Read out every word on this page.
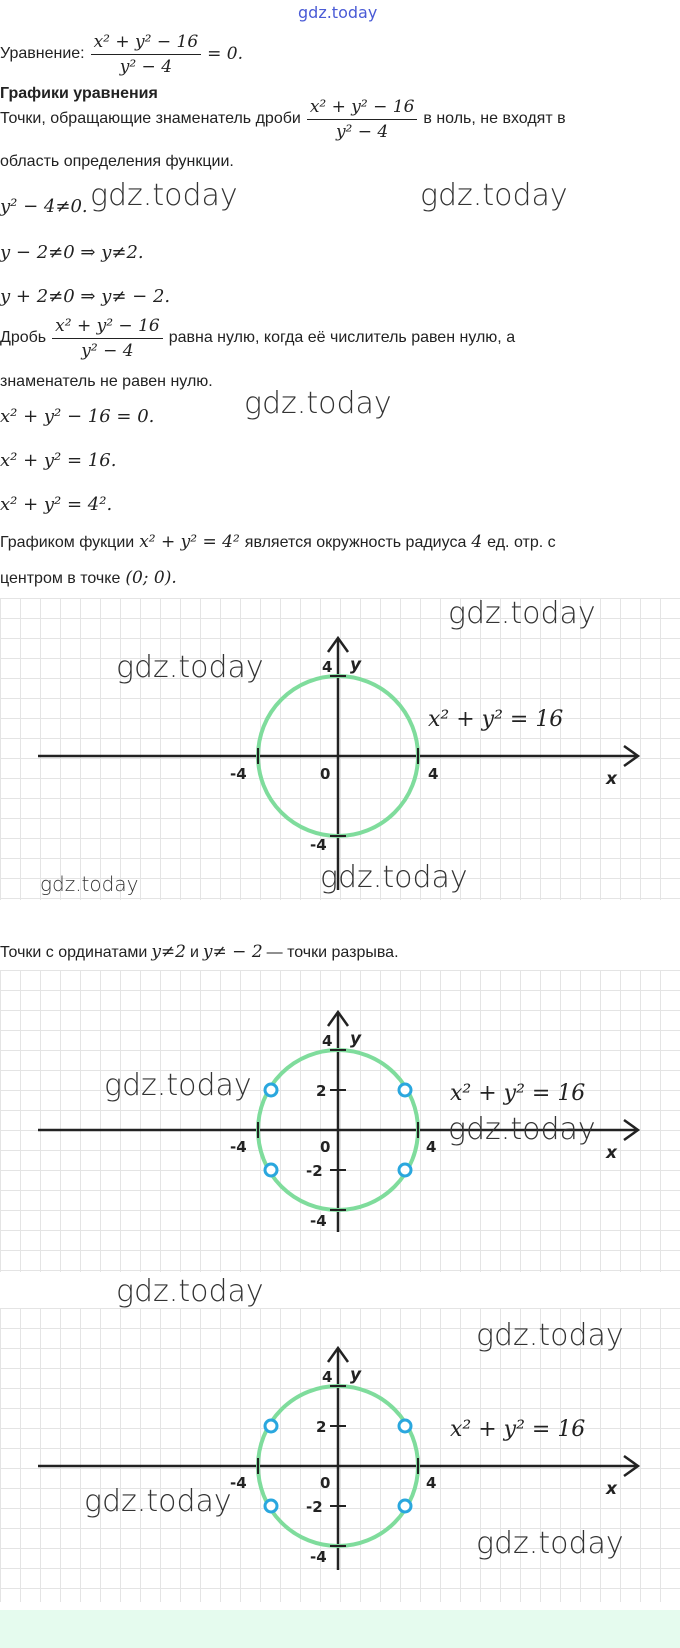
gdz.today
Уравнение: $\frac{\text{x² + y² − 16}}{\text{y² − 4}} = 0$.
Графики уравнения
Точки, обращающие знаменатель дроби $\frac{\text{x² + y² − 16}}{\text{y² − 4}}$ в ноль, не входят в
область определения функции.
y² − 4≠0.
y − 2≠0 ⇒ y≠2.
y + 2≠0 ⇒ y≠ − 2.
Дробь $\frac{\text{x² + y² − 16}}{\text{y² − 4}}$ равна нулю, когда её числитель равен нулю, а
знаменатель не равен нулю.
x² + y² − 16 = 0.
x² + y² = 16.
x² + y² = 4².
Графиком фукции x² + y² = 4² является окружность радиуса 4 ед. отр. с
центром в точке (0; 0).
-4	0	4
4
-4
x
y
x² + y² = 16
Точки с ординатами y≠2 и y≠ − 2 — точки разрыва.
-4	0	4
4
2
-2
-4
x
y
x² + y² = 16
-4	0	4
4
2
-2
-4
x
y
x² + y² = 16
gdz.today	gdz.today
gdz.today
gdz.today
gdz.today
gdz.today	gdz.today
gdz.today
gdz.today
gdz.today
gdz.today
gdz.today
gdz.today
